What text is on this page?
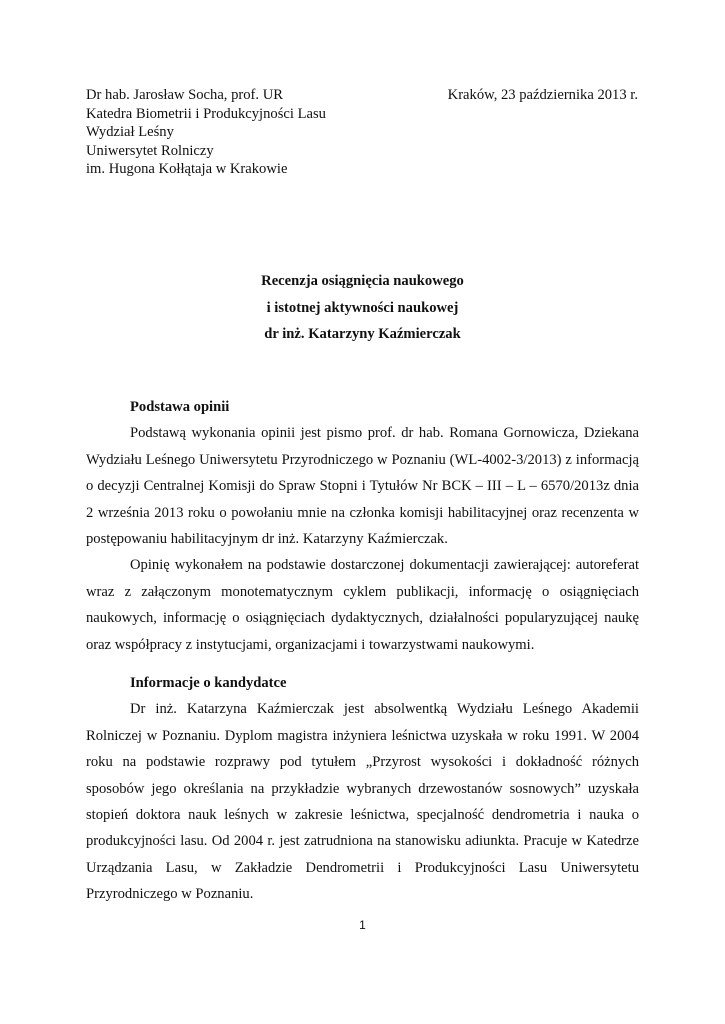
Dr hab. Jarosław Socha, prof. UR
Katedra Biometrii i Produkcyjności Lasu
Wydział Leśny
Uniwersytet Rolniczy
im. Hugona Kołłątaja w Krakowie
Kraków, 23 października 2013 r.
Recenzja osiągnięcia naukowego
i istotnej aktywności naukowej
dr inż. Katarzyny Kaźmierczak
Podstawa opinii

Podstawą wykonania opinii jest pismo prof. dr hab. Romana Gornowicza, Dziekana Wydziału Leśnego Uniwersytetu Przyrodniczego w Poznaniu (WL-4002-3/2013) z informacją o decyzji Centralnej Komisji do Spraw Stopni i Tytułów Nr BCK – III – L – 6570/2013z dnia 2 września 2013 roku o powołaniu mnie na członka komisji habilitacyjnej oraz recenzenta w postępowaniu habilitacyjnym dr inż. Katarzyny Kaźmierczak.

Opinię wykonałem na podstawie dostarczonej dokumentacji zawierającej: autoreferat wraz z załączonym monotematycznym cyklem publikacji, informację o osiągnięciach naukowych, informację o osiągnięciach dydaktycznych, działalności popularyzującej naukę oraz współpracy z instytucjami, organizacjami i towarzystwami naukowymi.

Informacje o kandydatce

Dr inż. Katarzyna Kaźmierczak jest absolwentką Wydziału Leśnego Akademii Rolniczej w Poznaniu. Dyplom magistra inżyniera leśnictwa uzyskała w roku 1991. W 2004 roku na podstawie rozprawy pod tytułem „Przyrost wysokości i dokładność różnych sposobów jego określania na przykładzie wybranych drzewostanów sosnowych” uzyskała stopień doktora nauk leśnych w zakresie leśnictwa, specjalność dendrometria i nauka o produkcyjności lasu. Od 2004 r. jest zatrudniona na stanowisku adiunkta. Pracuje w Katedrze Urządzania Lasu, w Zakładzie Dendrometrii i Produkcyjności Lasu Uniwersytetu Przyrodniczego w Poznaniu.

1
